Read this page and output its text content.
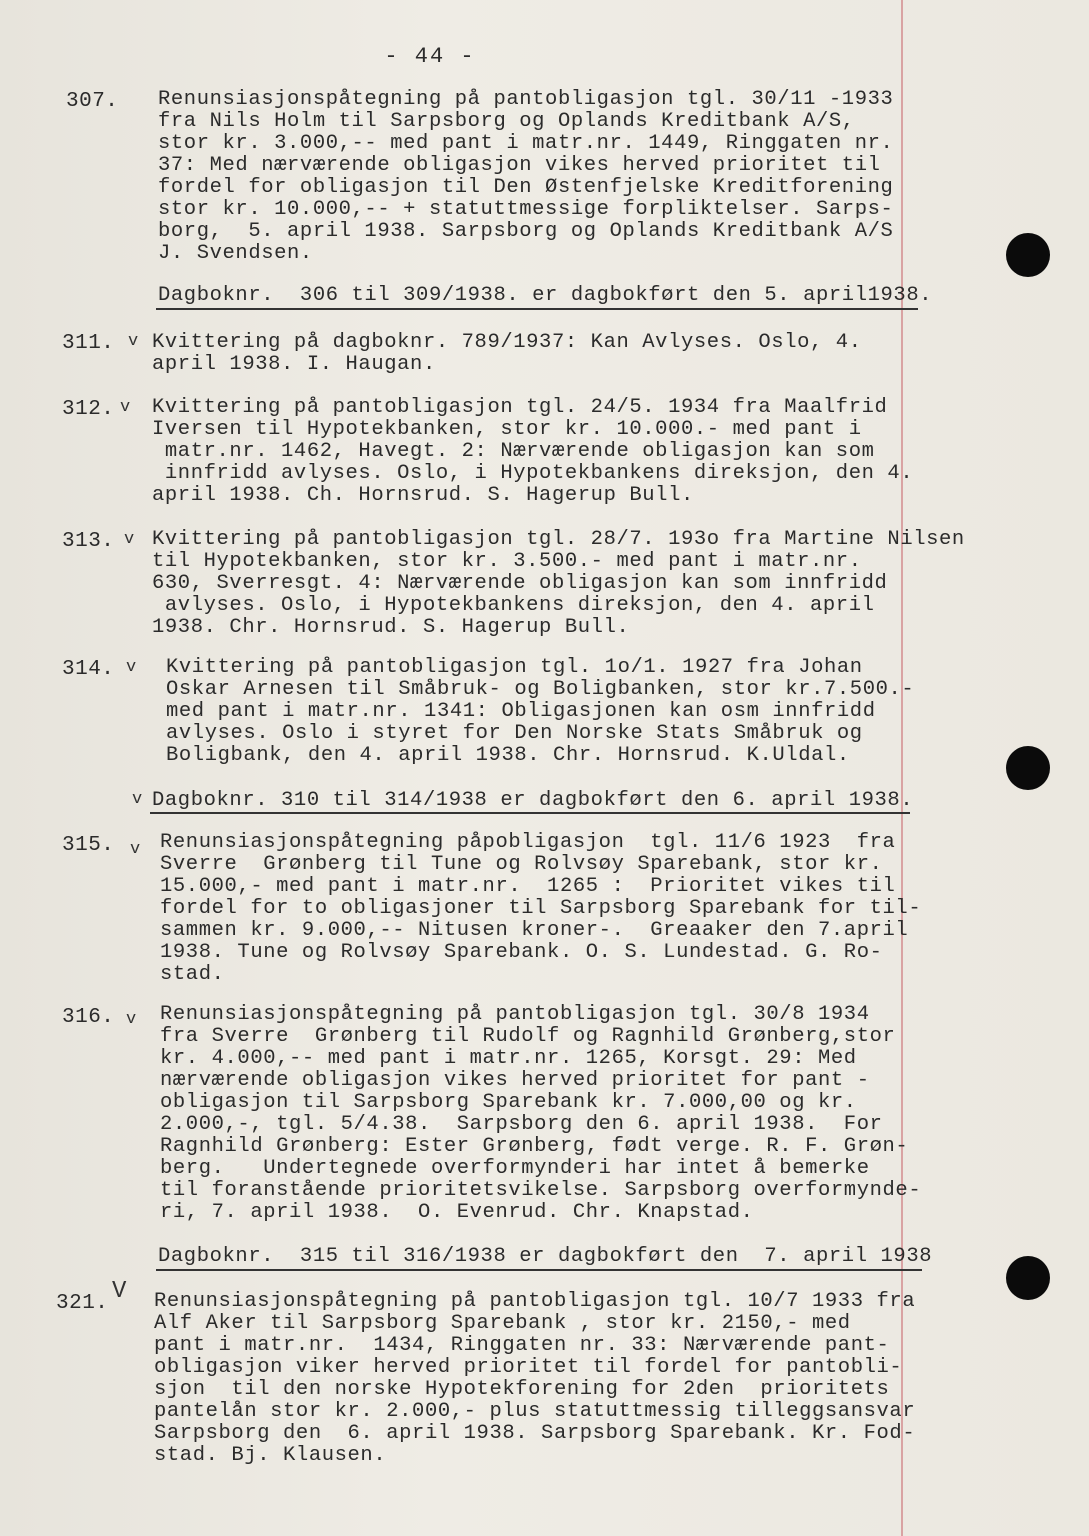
- 44 -
307. Renunsiasjonspåtegning på pantobligasjon tgl. 30/11 -1933
fra Nils Holm til Sarpsborg og Oplands Kreditbank A/S,
stor kr. 3.000,-- med pant i matr.nr. 1449, Ringgaten nr.
37: Med nærværende obligasjon vikes herved prioritet til
fordel for obligasjon til Den Østenfjelske Kreditforening
stor kr. 10.000,-- + statuttmessige forpliktelser. Sarps-
borg,  5. april 1938. Sarpsborg og Oplands Kreditbank A/S
J. Svendsen.
Dagboknr.  306 til 309/1938. er dagbokført den 5. april1938.
311. v Kvittering på dagboknr. 789/1937: Kan Avlyses. Oslo, 4.
april 1938. I. Haugan.
312. v Kvittering på pantobligasjon tgl. 24/5. 1934 fra Maalfrid
Iversen til Hypotekbanken, stor kr. 10.000.- med pant i
matr.nr. 1462, Havegt. 2: Nærværende obligasjon kan som
innfridd avlyses. Oslo, i Hypotekbankens direksjon, den 4.
april 1938. Ch. Hornsrud. S. Hagerup Bull.
313. v Kvittering på pantobligasjon tgl. 28/7. 193o fra Martine Nilsen
til Hypotekbanken, stor kr. 3.500.- med pant i matr.nr.
630, Sverresgt. 4: Nærværende obligasjon kan som innfridd
avlyses. Oslo, i Hypotekbankens direksjon, den 4. april
1938. Chr. Hornsrud. S. Hagerup Bull.
314. v Kvittering på pantobligasjon tgl. 1o/1. 1927 fra Johan
Oskar Arnesen til Småbruk- og Boligbanken, stor kr.7.500.-
med pant i matr.nr. 1341: Obligasjonen kan osm innfridd
avlyses. Oslo i styret for Den Norske Stats Småbruk og
Boligbank, den 4. april 1938. Chr. Hornsrud. K.Uldal.
v Dagboknr. 310 til 314/1938 er dagbokført den 6. april 1938.
315. v Renunsiasjonspåtegning påpobligasjon  tgl. 11/6 1923  fra
Sverre  Grønberg til Tune og Rolvsøy Sparebank, stor kr.
15.000,- med pant i matr.nr.  1265 :  Prioritet vikes til
fordel for to obligasjoner til Sarpsborg Sparebank for til-
sammen kr. 9.000,-- Nitusen kroner-.  Greaaker den 7.april
1938. Tune og Rolvsøy Sparebank. O. S. Lundestad. G. Ro-
stad.
316. v Renunsiasjonspåtegning på pantobligasjon tgl. 30/8 1934
fra Sverre  Grønberg til Rudolf og Ragnhild Grønberg,stor
kr. 4.000,-- med pant i matr.nr. 1265, Korsgt. 29: Med
nærværende obligasjon vikes herved prioritet for pant -
obligasjon til Sarpsborg Sparebank kr. 7.000,00 og kr.
2.000,-, tgl. 5/4.38.  Sarpsborg den 6. april 1938.  For
Ragnhild Grønberg: Ester Grønberg, født verge. R. F. Grøn-
berg.   Undertegnede overformynderi har intet å bemerke
til foranstående prioritetsvikelse. Sarpsborg overformynde-
ri, 7. april 1938.  O. Evenrud. Chr. Knapstad.
Dagboknr.  315 til 316/1938 er dagbokført den  7. april 1938
321. V Renunsiasjonspåtegning på pantobligasjon tgl. 10/7 1933 fra
Alf Aker til Sarpsborg Sparebank , stor kr. 2150,- med
pant i matr.nr.  1434, Ringgaten nr. 33: Nærværende pant-
obligasjon viker herved prioritet til fordel for pantobli-
sjon  til den norske Hypotekforening for 2den  prioritets
pantelån stor kr. 2.000,- plus statuttmessig tilleggsansvar
Sarpsborg den  6. april 1938. Sarpsborg Sparebank. Kr. Fod-
stad. Bj. Klausen.
